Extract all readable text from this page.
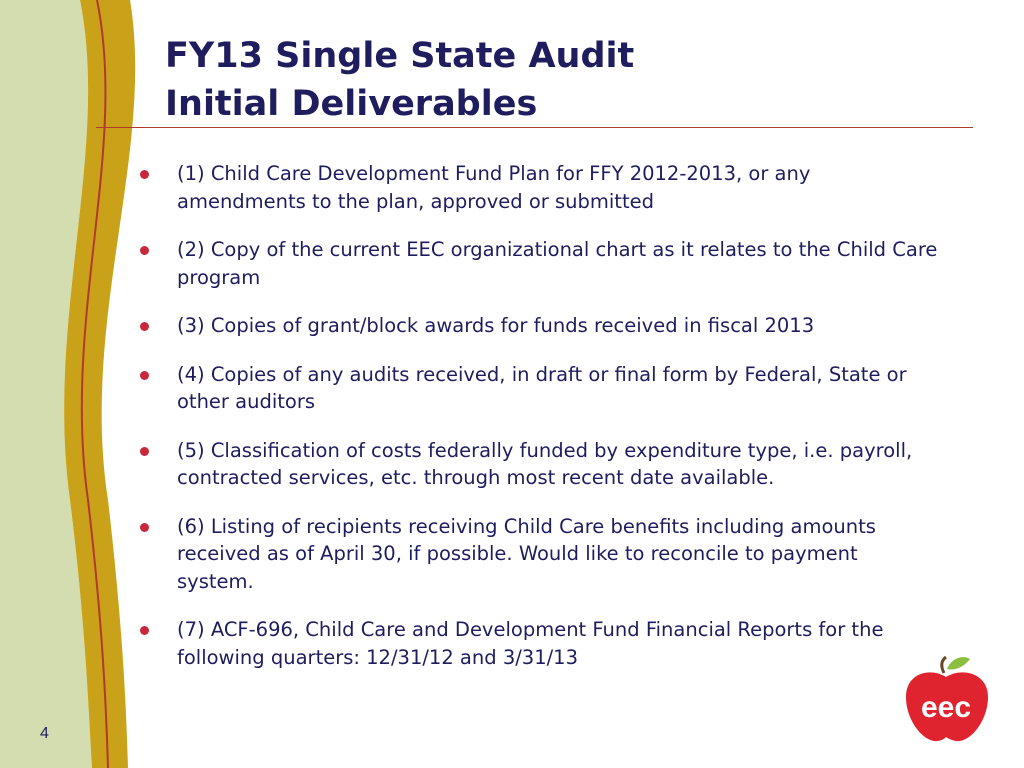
FY13 Single State Audit
Initial Deliverables
(1) Child Care Development Fund Plan for FFY 2012-2013, or any amendments to the plan, approved or submitted
(2) Copy of the current EEC organizational chart as it relates to the Child Care program
(3) Copies of grant/block awards for funds received in fiscal 2013
(4) Copies of any audits received, in draft or final form by Federal, State or other auditors
(5) Classification of costs federally funded by expenditure type, i.e. payroll, contracted services, etc. through most recent date available.
(6) Listing of recipients receiving Child Care benefits including amounts received as of April 30, if possible. Would like to reconcile to payment system.
(7) ACF-696, Child Care and Development Fund Financial Reports for the following quarters: 12/31/12 and 3/31/13
4
eec
